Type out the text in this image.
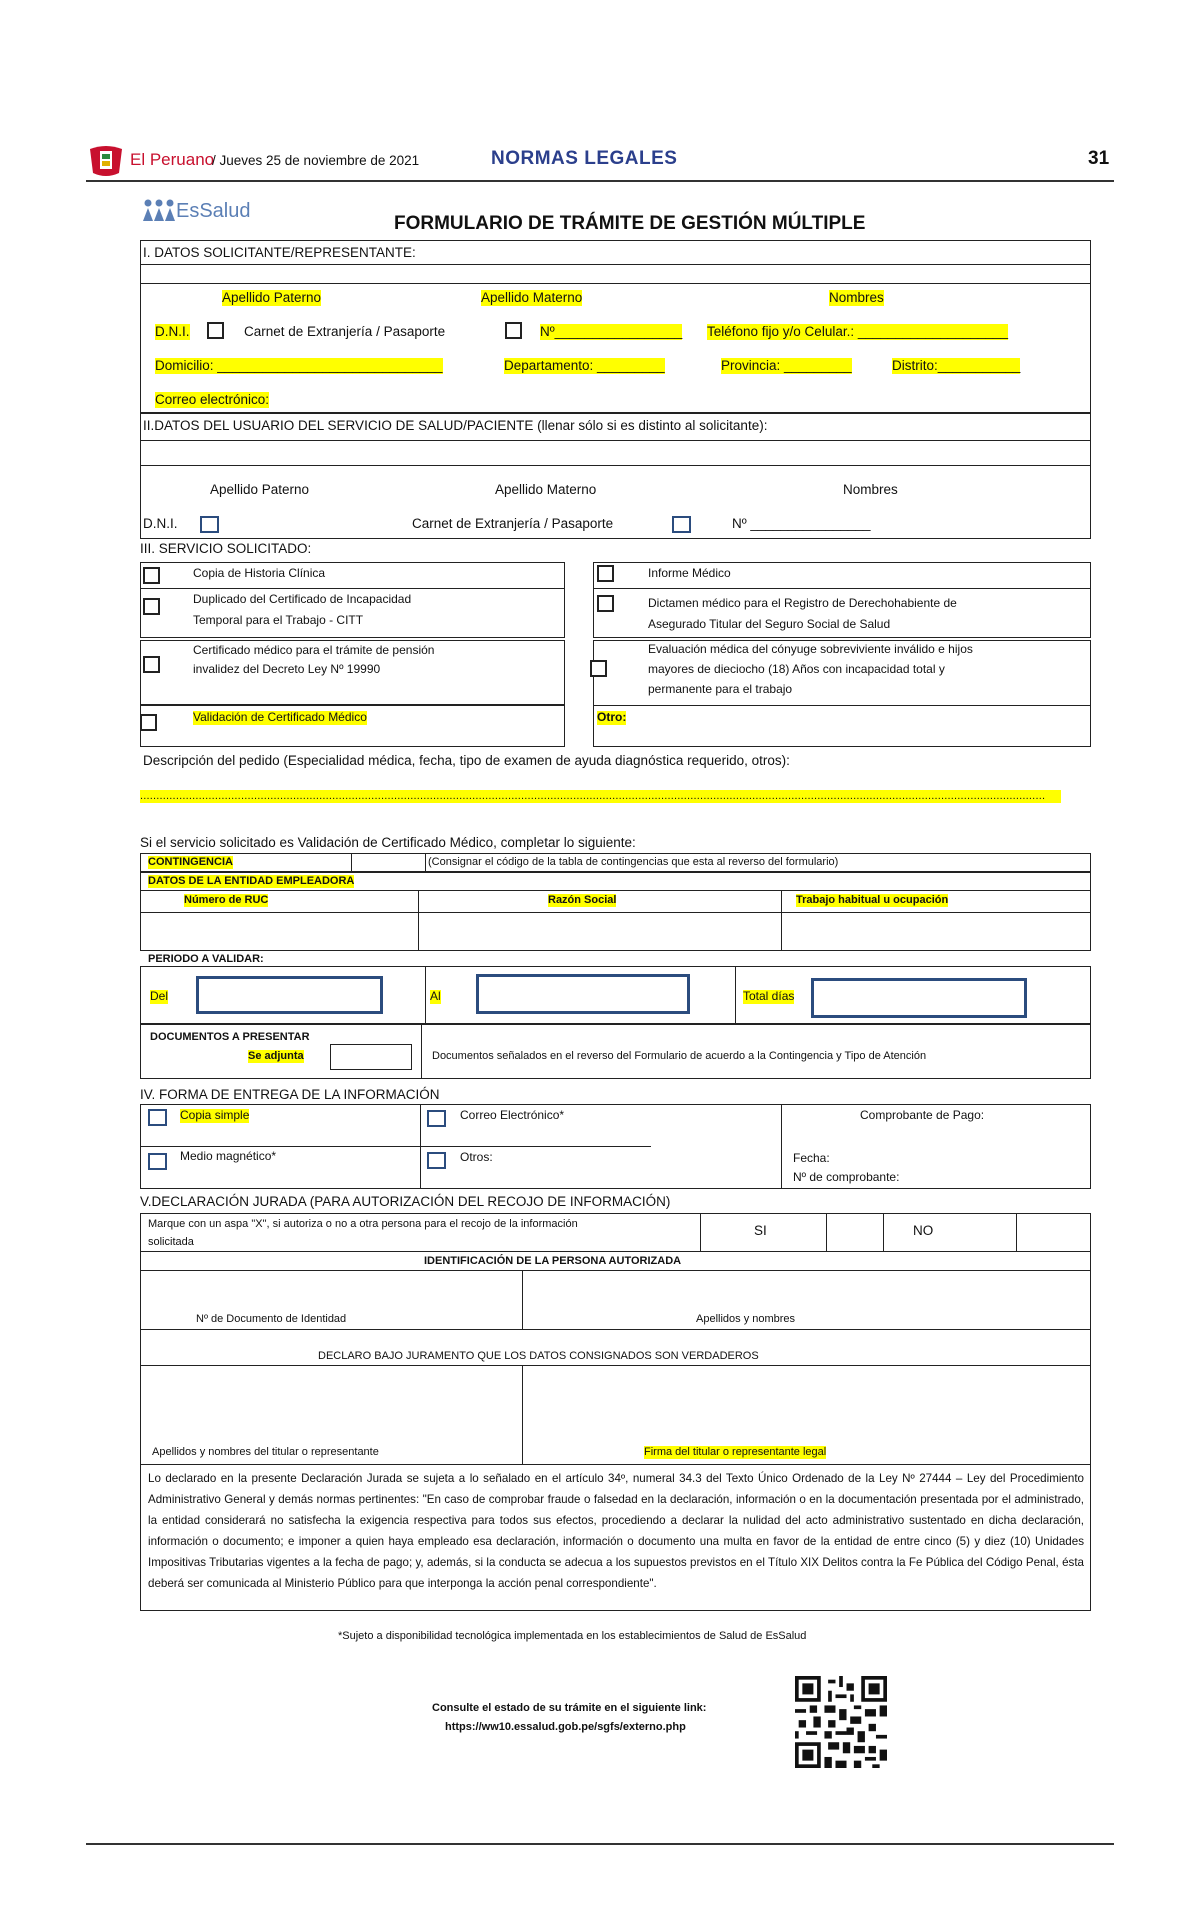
El Peruano
/ Jueves 25 de noviembre de 2021	NORMAS LEGALES	31
EsSalud
FORMULARIO DE TRÁMITE DE GESTIÓN MÚLTIPLE
I. DATOS SOLICITANTE/REPRESENTANTE:
Apellido Paterno	Apellido Materno	Nombres
D.N.I.	Carnet de Extranjería / Pasaporte	Nº_________________ Teléfono fijo y/o Celular.: ____________________
Domicilio: ______________________________	Departamento: _________	Provincia: _________	Distrito:___________
Correo electrónico:
II.DATOS DEL USUARIO DEL SERVICIO DE SALUD/PACIENTE (llenar sólo si es distinto al solicitante):
Apellido Paterno	Apellido Materno	Nombres
D.N.I.	Carnet de Extranjería / Pasaporte	Nº ________________
III. SERVICIO SOLICITADO:
Copia de Historia Clínica
Duplicado del Certificado de Incapacidad
Temporal para el Trabajo - CITT
Certificado médico para el trámite de pensión
invalidez del Decreto Ley Nº 19990
Validación de Certificado Médico
Informe Médico
Dictamen médico para el Registro de Derechohabiente de
Asegurado Titular del Seguro Social de Salud
Evaluación médica del cónyuge sobreviviente inválido e hijos
mayores de dieciocho (18) Años con incapacidad total y
permanente para el trabajo
Otro:
Descripción del pedido (Especialidad médica, fecha, tipo de examen de ayuda diagnóstica requerido, otros):
......................................................................................................................................................................................................................................................................................
Si el servicio solicitado es Validación de Certificado Médico, completar lo siguiente:
CONTINGENCIA	(Consignar el código de la tabla de contingencias que esta al reverso del formulario)
DATOS DE LA ENTIDAD EMPLEADORA
Número de RUC	Razón Social	Trabajo habitual u ocupación
PERIODO A VALIDAR:
Del	Al	Total días
DOCUMENTOS A PRESENTAR
Se adjunta	Documentos señalados en el reverso del Formulario de acuerdo a la Contingencia y Tipo de Atención
IV. FORMA DE ENTREGA DE LA INFORMACIÓN
Copia simple	Correo Electrónico*	Comprobante de Pago:
Medio magnético*	Otros:	Fecha:
Nº de comprobante:
V.DECLARACIÓN JURADA (PARA AUTORIZACIÓN DEL RECOJO DE INFORMACIÓN)
Marque con un aspa "X", si autoriza o no a otra persona para el recojo de la información
solicitada
SI	NO
IDENTIFICACIÓN DE LA PERSONA AUTORIZADA
Nº de Documento de Identidad	Apellidos y nombres
DECLARO BAJO JURAMENTO QUE LOS DATOS CONSIGNADOS SON VERDADEROS
Apellidos y nombres del titular o representante	Firma del titular o representante legal
Lo declarado en la presente Declaración Jurada se sujeta a lo señalado en el artículo 34º, numeral 34.3 del Texto Único Ordenado de la Ley Nº 27444 – Ley del Procedimiento Administrativo General y demás normas pertinentes: "En caso de comprobar fraude o falsedad en la declaración, información o en la documentación presentada por el administrado, la entidad considerará no satisfecha la exigencia respectiva para todos sus efectos, procediendo a declarar la nulidad del acto administrativo sustentado en dicha declaración, información o documento; e imponer a quien haya empleado esa declaración, información o documento una multa en favor de la entidad de entre cinco (5) y diez (10) Unidades Impositivas Tributarias vigentes a la fecha de pago; y, además, si la conducta se adecua a los supuestos previstos en el Título XIX Delitos contra la Fe Pública del Código Penal, ésta deberá ser comunicada al Ministerio Público para que interponga la acción penal correspondiente".
*Sujeto a disponibilidad tecnológica implementada en los establecimientos de Salud de EsSalud
Consulte el estado de su trámite en el siguiente link:
https://ww10.essalud.gob.pe/sgfs/externo.php
